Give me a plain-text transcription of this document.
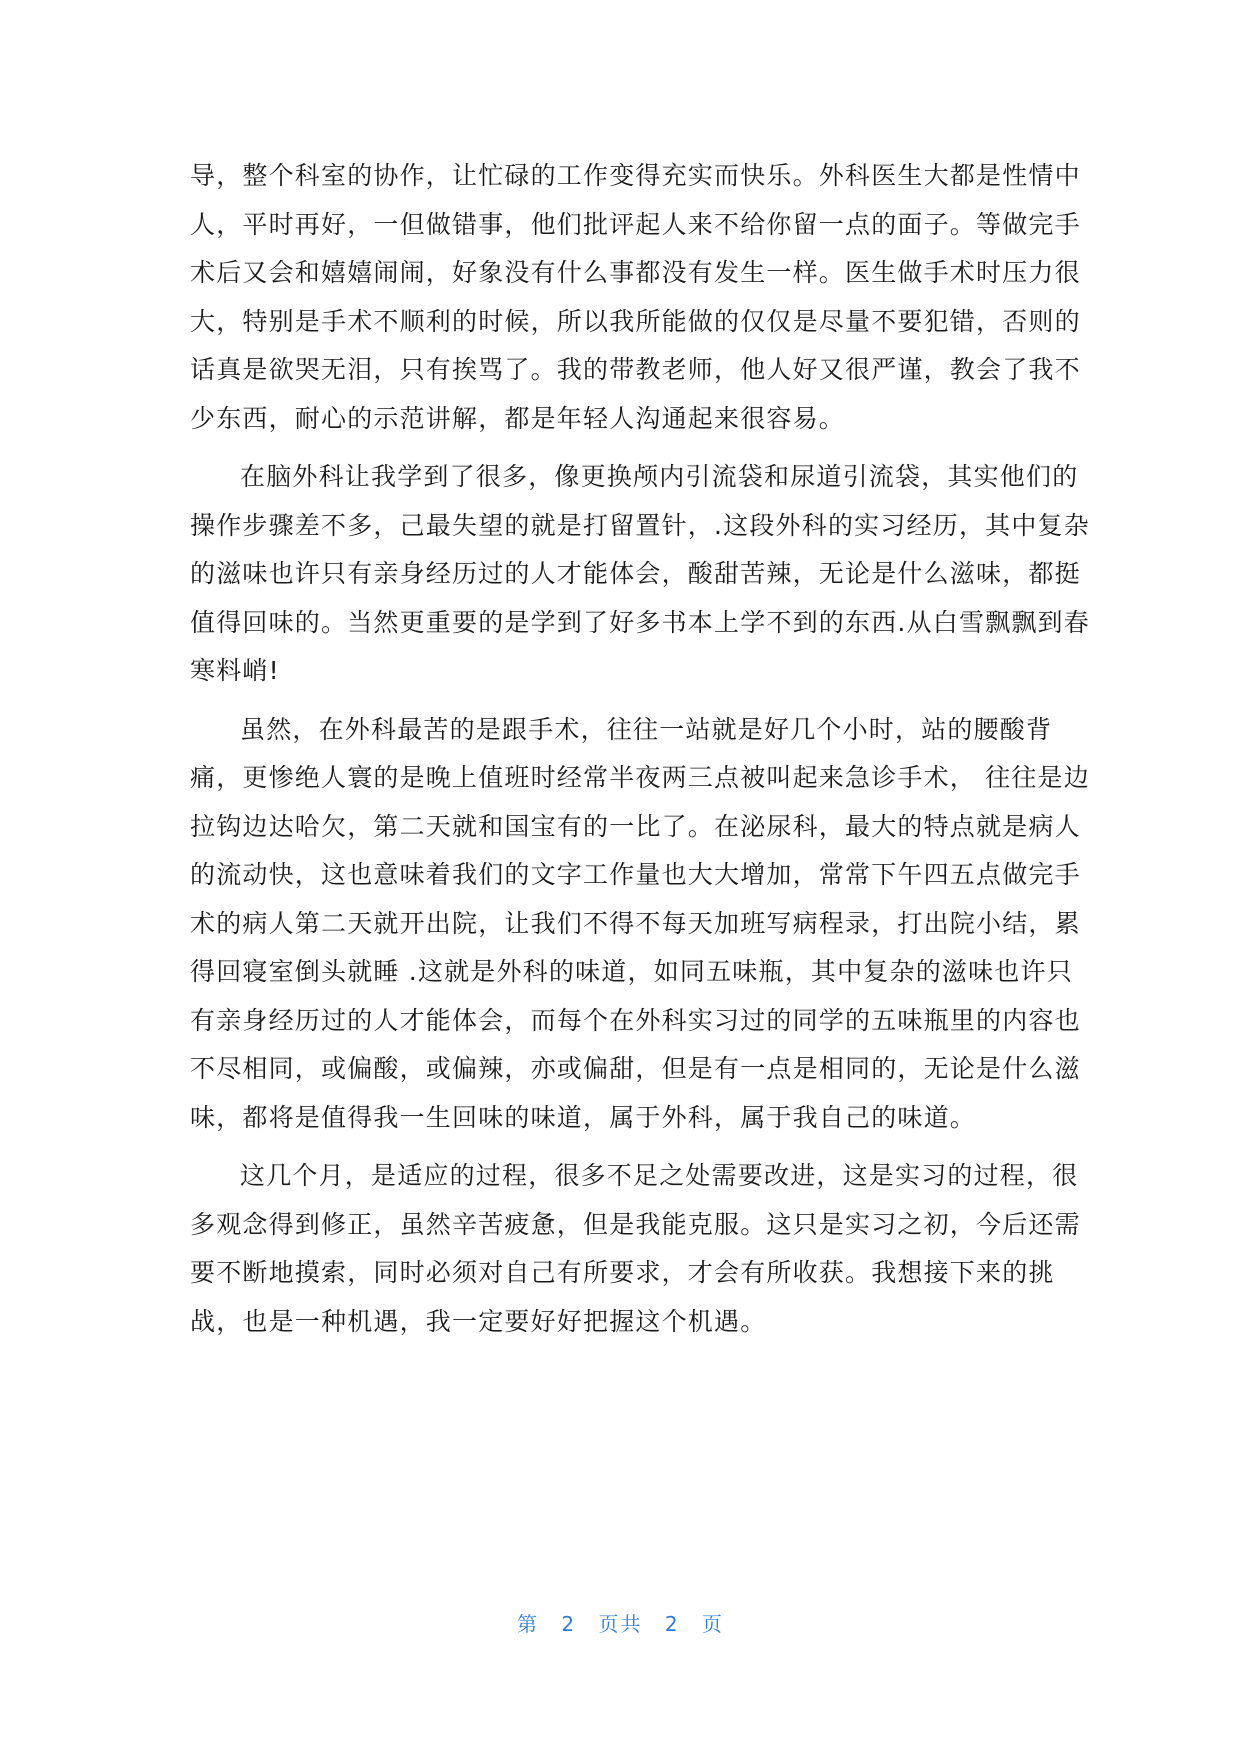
导，整个科室的协作，让忙碌的工作变得充实而快乐。外科医生大都是性情中
人，平时再好，一但做错事，他们批评起人来不给你留一点的面子。等做完手
术后又会和嬉嬉闹闹，好象没有什么事都没有发生一样。医生做手术时压力很
大，特别是手术不顺利的时候，所以我所能做的仅仅是尽量不要犯错，否则的
话真是欲哭无泪，只有挨骂了。我的带教老师，他人好又很严谨，教会了我不
少东西，耐心的示范讲解，都是年轻人沟通起来很容易。

在脑外科让我学到了很多，像更换颅内引流袋和尿道引流袋，其实他们的
操作步骤差不多，己最失望的就是打留置针，.这段外科的实习经历，其中复杂
的滋味也许只有亲身经历过的人才能体会，酸甜苦辣，无论是什么滋味，都挺
值得回味的。当然更重要的是学到了好多书本上学不到的东西.从白雪飘飘到春
寒料峭!

虽然，在外科最苦的是跟手术，往往一站就是好几个小时，站的腰酸背
痛，更惨绝人寰的是晚上值班时经常半夜两三点被叫起来急诊手术， 往往是边
拉钩边达哈欠，第二天就和国宝有的一比了。在泌尿科，最大的特点就是病人
的流动快，这也意味着我们的文字工作量也大大增加，常常下午四五点做完手
术的病人第二天就开出院，让我们不得不每天加班写病程录，打出院小结，累
得回寝室倒头就睡 .这就是外科的味道，如同五味瓶，其中复杂的滋味也许只
有亲身经历过的人才能体会，而每个在外科实习过的同学的五味瓶里的内容也
不尽相同，或偏酸，或偏辣，亦或偏甜，但是有一点是相同的，无论是什么滋
味，都将是值得我一生回味的味道，属于外科，属于我自己的味道。

这几个月，是适应的过程，很多不足之处需要改进，这是实习的过程，很
多观念得到修正，虽然辛苦疲惫，但是我能克服。这只是实习之初，今后还需
要不断地摸索，同时必须对自己有所要求，才会有所收获。我想接下来的挑
战，也是一种机遇，我一定要好好把握这个机遇。

第 2 页共 2 页
